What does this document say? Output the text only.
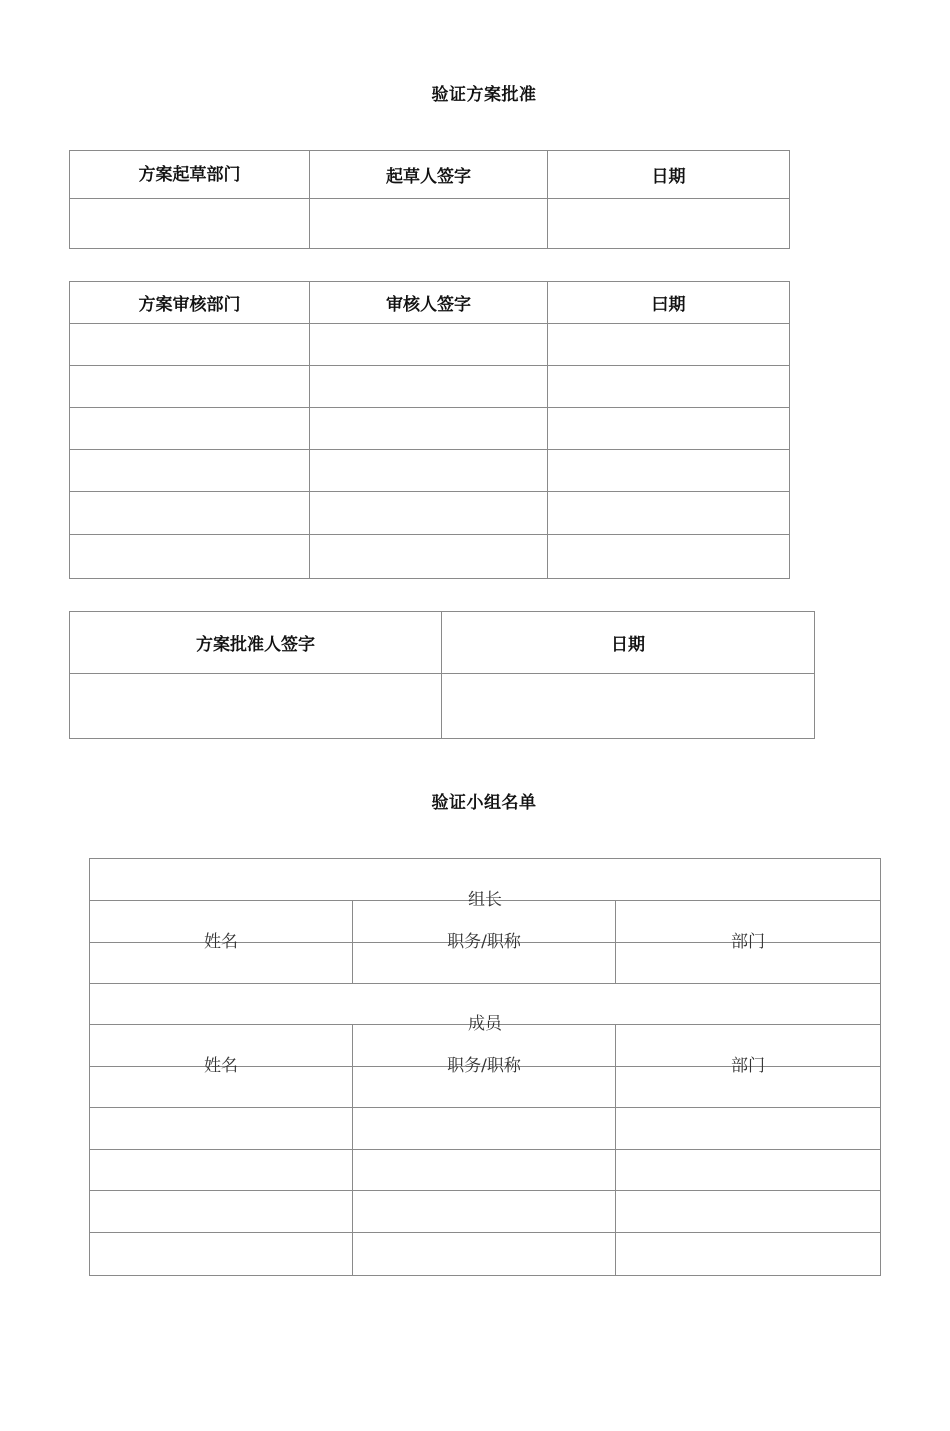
验证方案批准
方案起草部门	起草人签字	日期

方案审核部门	审核人签字	曰期

方案批准人签字	日期

验证小组名单
组长		
姓名	职务/职称	部门

成员		
姓名	职务/职称	部门
